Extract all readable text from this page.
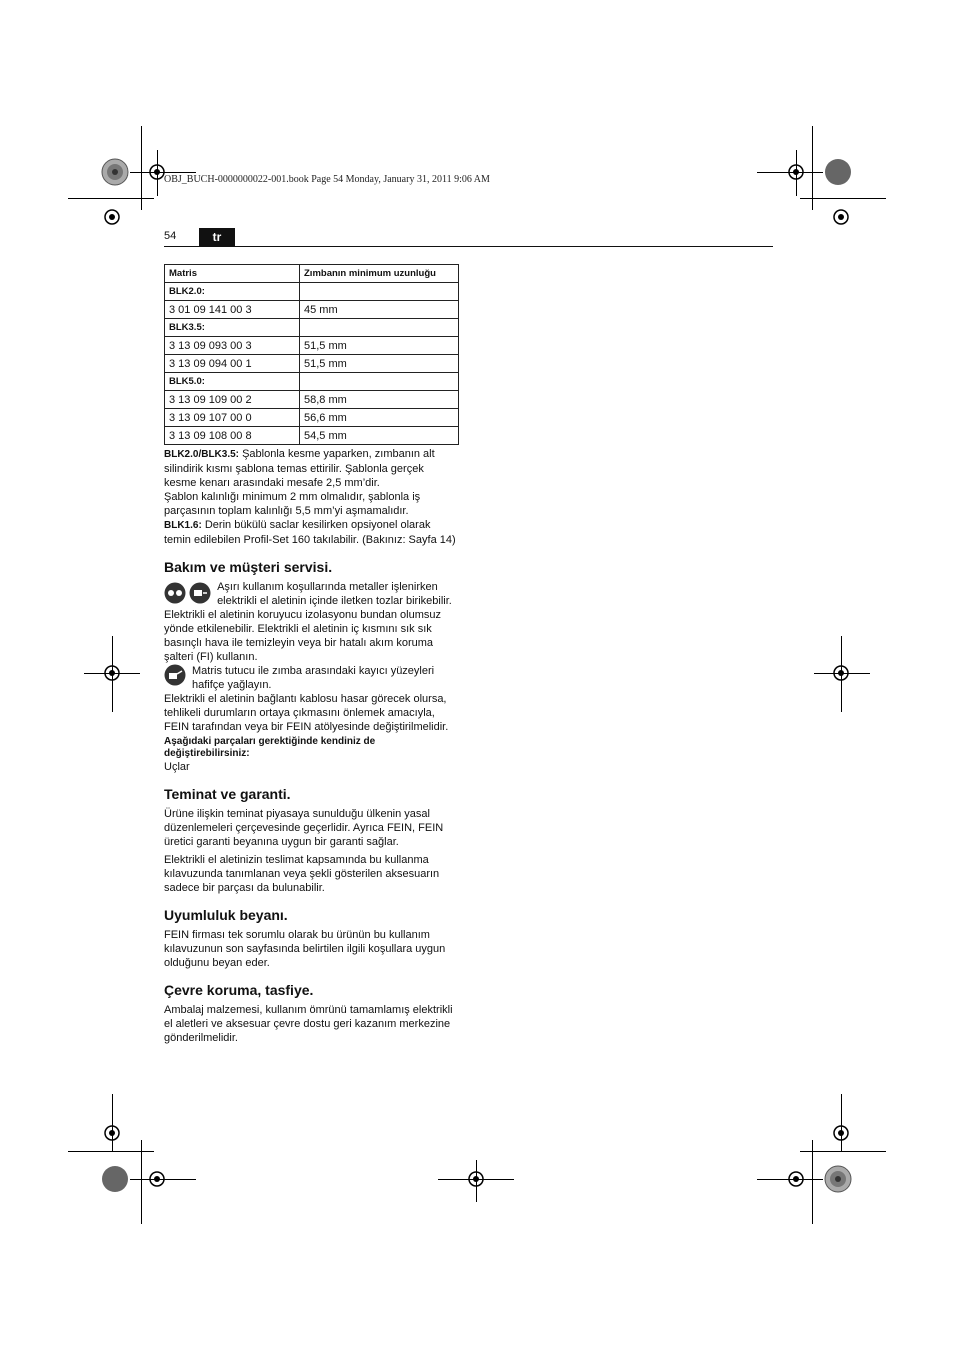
OBJ_BUCH-0000000022-001.book Page 54 Monday, January 31, 2011 9:06 AM
54	tr
Matris	Zımbanın minimum uzunluğu
BLK2.0:	
3 01 09 141 00 3	45 mm
BLK3.5:	
3 13 09 093 00 3	51,5 mm
3 13 09 094 00 1	51,5 mm
BLK5.0:	
3 13 09 109 00 2	58,8 mm
3 13 09 107 00 0	56,6 mm
3 13 09 108 00 8	54,5 mm

BLK2.0/BLK3.5: Şablonla kesme yaparken, zımbanın alt silindirik kısmı şablona temas ettirilir. Şablonla gerçek kesme kenarı arasındaki mesafe 2,5 mm’dir.

Şablon kalınlığı minimum 2 mm olmalıdır, şablonla iş parçasının toplam kalınlığı 5,5 mm’yi aşmamalıdır.

BLK1.6: Derin bükülü saclar kesilirken opsiyonel olarak temin edilebilen Profil-Set 160 takılabilir. (Bakınız: Sayfa 14)

Bakım ve müşteri servisi.

Aşırı kullanım koşullarında metaller işlenirken elektrikli el aletinin içinde iletken tozlar birikebilir. Elektrikli el aletinin koruyucu izolasyonu bundan olumsuz yönde etkilenebilir. Elektrikli el aletinin iç kısmını sık sık basınçlı hava ile temizleyin veya bir hatalı akım koruma şalteri (FI) kullanın.

Matris tutucu ile zımba arasındaki kayıcı yüzeyleri hafifçe yağlayın.

Elektrikli el aletinin bağlantı kablosu hasar görecek olursa, tehlikeli durumların ortaya çıkmasını önlemek amacıyla, FEIN tarafından veya bir FEIN atölyesinde değiştirilmelidir.

Aşağıdaki parçaları gerektiğinde kendiniz de değiştirebilirsiniz:

Uçlar

Teminat ve garanti.

Ürüne ilişkin teminat piyasaya sunulduğu ülkenin yasal düzenlemeleri çerçevesinde geçerlidir. Ayrıca FEIN, FEIN üretici garanti beyanına uygun bir garanti sağlar.

Elektrikli el aletinizin teslimat kapsamında bu kullanma kılavuzunda tanımlanan veya şekli gösterilen aksesuarın sadece bir parçası da bulunabilir.

Uyumluluk beyanı.

FEIN firması tek sorumlu olarak bu ürünün bu kullanım kılavuzunun son sayfasında belirtilen ilgili koşullara uygun olduğunu beyan eder.

Çevre koruma, tasfiye.

Ambalaj malzemesi, kullanım ömrünü tamamlamış elektrikli el aletleri ve aksesuar çevre dostu geri kazanım merkezine gönderilmelidir.
